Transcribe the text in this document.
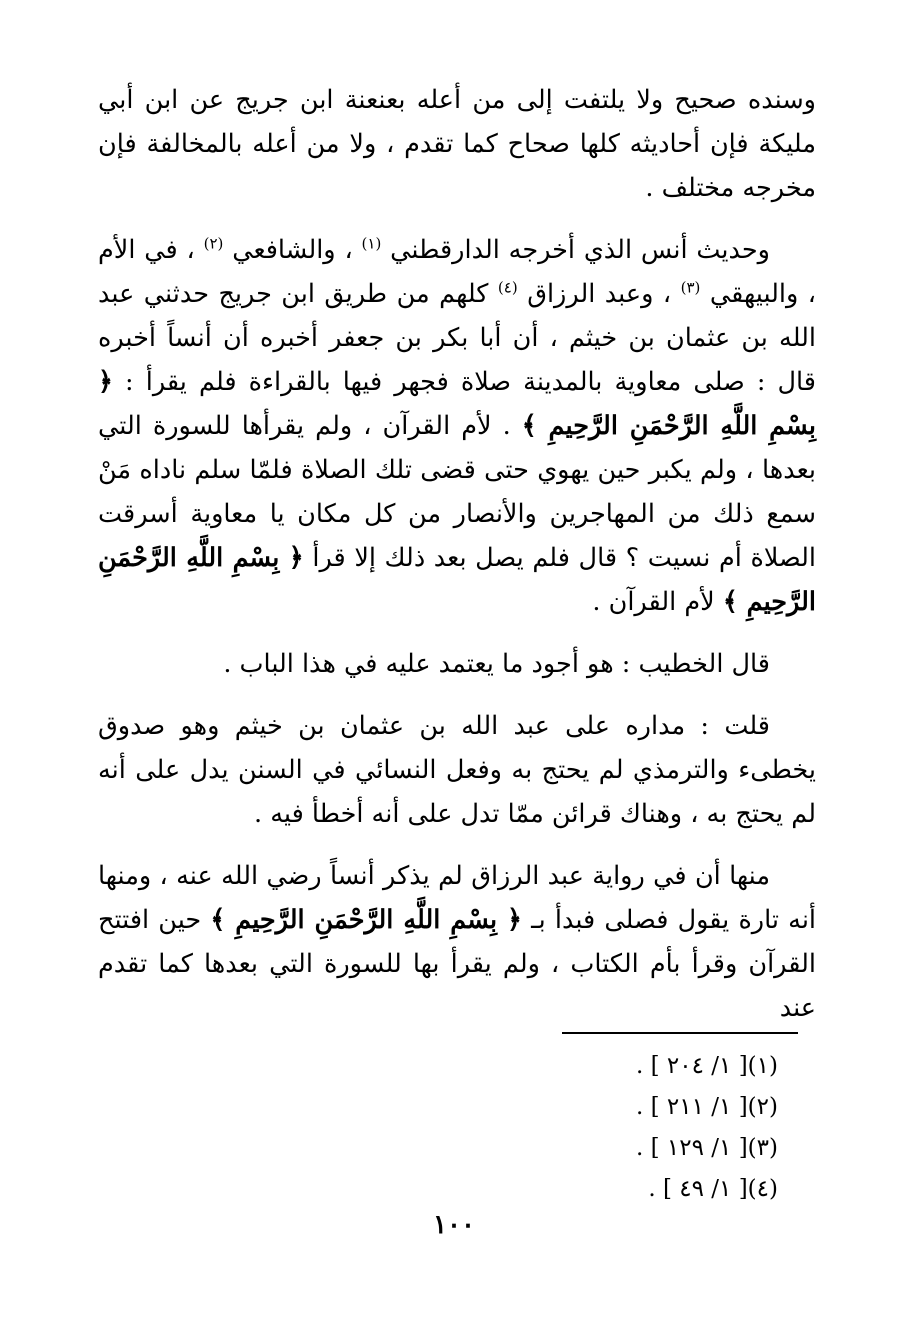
وسنده صحيح ولا يلتفت إلى من أعله بعنعنة ابن جريج عن ابن أبي مليكة فإن أحاديثه كلها صحاح كما تقدم ، ولا من أعله بالمخالفة فإن مخرجه مختلف .

وحديث أنس الذي أخرجه الدارقطني $^{(١)}$ ، والشافعي $^{(٢)}$ ، في الأم ، والبيهقي $^{(٣)}$ ، وعبد الرزاق $^{(٤)}$ كلهم من طريق ابن جريج حدثني عبد الله بن عثمان بن خيثم ، أن أبا بكر بن جعفر أخبره أن أنساً أخبره قال : صلى معاوية بالمدينة صلاة فجهر فيها بالقراءة فلم يقرأ : ﴿ بِسْمِ اللَّهِ الرَّحْمَنِ الرَّحِيمِ ﴾ . لأم القرآن ، ولم يقرأها للسورة التي بعدها ، ولم يكبر حين يهوي حتى قضى تلك الصلاة فلمّا سلم ناداه مَنْ سمع ذلك من المهاجرين والأنصار من كل مكان يا معاوية أسرقت الصلاة أم نسيت ؟ قال فلم يصل بعد ذلك إلا قرأ ﴿ بِسْمِ اللَّهِ الرَّحْمَنِ الرَّحِيمِ ﴾ لأم القرآن .

قال الخطيب : هو أجود ما يعتمد عليه في هذا الباب .

قلت : مداره على عبد الله بن عثمان بن خيثم وهو صدوق يخطىء والترمذي لم يحتج به وفعل النسائي في السنن يدل على أنه لم يحتج به ، وهناك قرائن ممّا تدل على أنه أخطأ فيه .

منها أن في رواية عبد الرزاق لم يذكر أنساً رضي الله عنه ، ومنها أنه تارة يقول فصلى فبدأ بـ ﴿ بِسْمِ اللَّهِ الرَّحْمَنِ الرَّحِيمِ ﴾ حين افتتح القرآن وقرأ بأم الكتاب ، ولم يقرأ بها للسورة التي بعدها كما تقدم عند

(١)[ ١/ ٢٠٤ ] .
(٢)[ ١/ ٢١١ ] .
(٣)[ ١/ ١٢٩ ] .
(٤)[ ١/ ٤٩ ] .
١٠٠
